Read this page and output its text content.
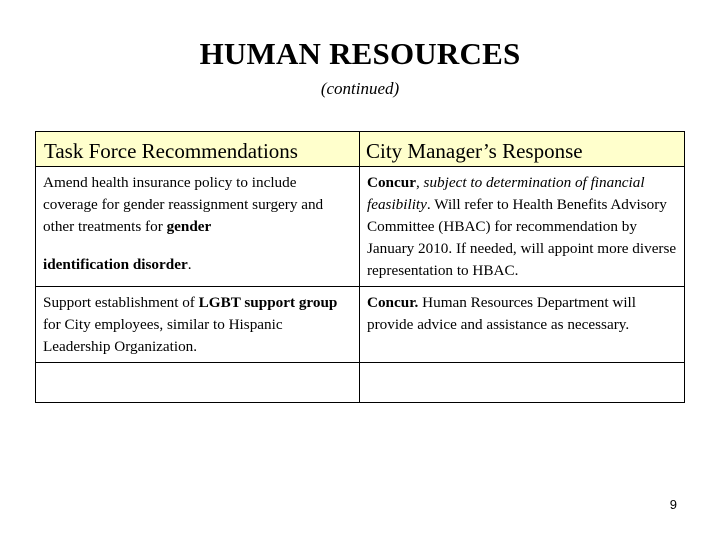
HUMAN RESOURCES
(continued)
Task Force Recommendations	City Manager’s Response
Amend health insurance policy to include coverage for gender reassignment surgery and other treatments for gender
identification disorder.	Concur, subject to determination of financial feasibility. Will refer to Health Benefits Advisory Committee (HBAC) for recommendation by January 2010. If needed, will appoint more diverse representation to HBAC.
Support establishment of LGBT support group for City employees, similar to Hispanic Leadership Organization.	Concur. Human Resources Department will provide advice and assistance as necessary.

9
